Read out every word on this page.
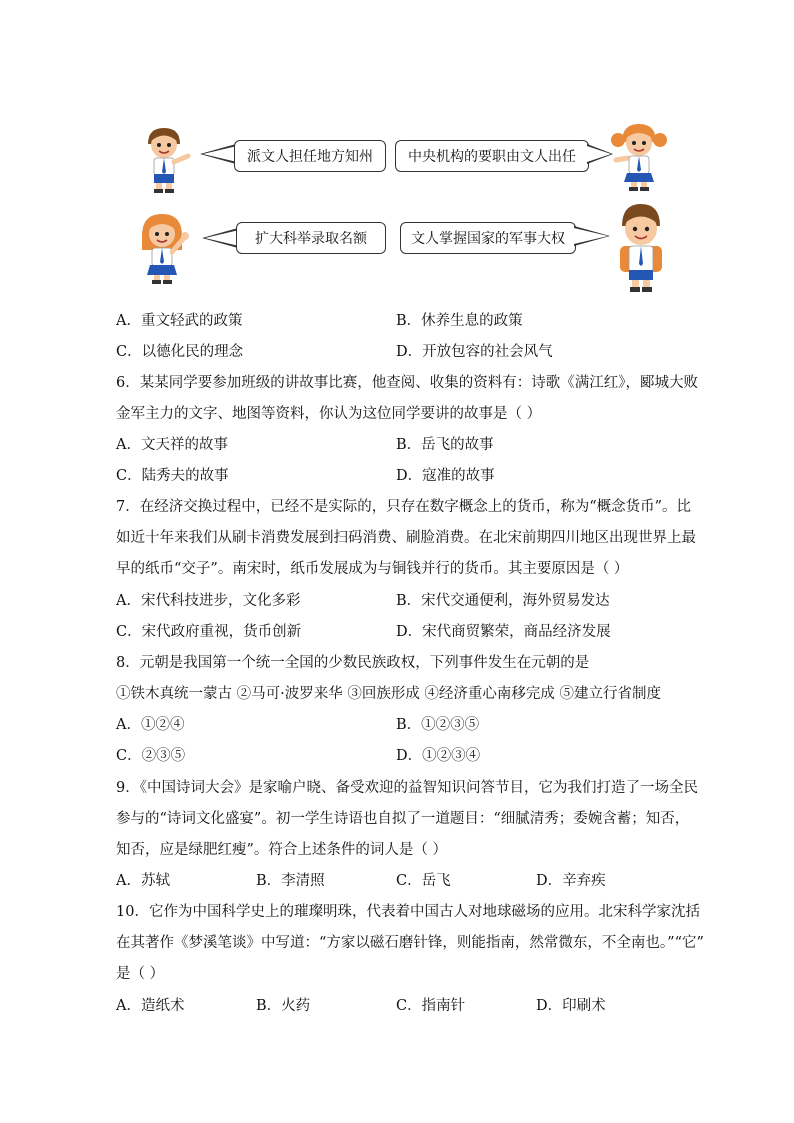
派文人担任地方知州	中央机构的要职由文人出任
扩大科举录取名额	文人掌握国家的军事大权
A．重文轻武的政策	B．休养生息的政策
C．以德化民的理念	D．开放包容的社会风气
6．某某同学要参加班级的讲故事比赛，他查阅、收集的资料有：诗歌《满江红》，郾城大败
金军主力的文字、地图等资料，你认为这位同学要讲的故事是（ ）
A．文天祥的故事	B．岳飞的故事
C．陆秀夫的故事	D．寇准的故事
7．在经济交换过程中，已经不是实际的，只存在数字概念上的货币，称为“概念货币”。比
如近十年来我们从刷卡消费发展到扫码消费、刷脸消费。在北宋前期四川地区出现世界上最
早的纸币“交子”。南宋时，纸币发展成为与铜钱并行的货币。其主要原因是（ ）
A．宋代科技进步，文化多彩	B．宋代交通便利，海外贸易发达
C．宋代政府重视，货币创新	D．宋代商贸繁荣，商品经济发展
8．元朝是我国第一个统一全国的少数民族政权，下列事件发生在元朝的是
①铁木真统一蒙古 ②马可·波罗来华 ③回族形成 ④经济重心南移完成 ⑤建立行省制度
A．①②④	B．①②③⑤
C．②③⑤	D．①②③④
9．《中国诗词大会》是家喻户晓、备受欢迎的益智知识问答节目，它为我们打造了一场全民
参与的“诗词文化盛宴”。初一学生诗语也自拟了一道题目：“细腻清秀；委婉含蓄；知否，
知否，应是绿肥红瘦”。符合上述条件的词人是（ ）
A．苏轼	B．李清照	C．岳飞	D．辛弃疾
10．它作为中国科学史上的璀璨明珠，代表着中国古人对地球磁场的应用。北宋科学家沈括
在其著作《梦溪笔谈》中写道：“方家以磁石磨针锋，则能指南，然常微东，不全南也。”“它”
是（ ）
A．造纸术	B．火药	C．指南针	D．印刷术
